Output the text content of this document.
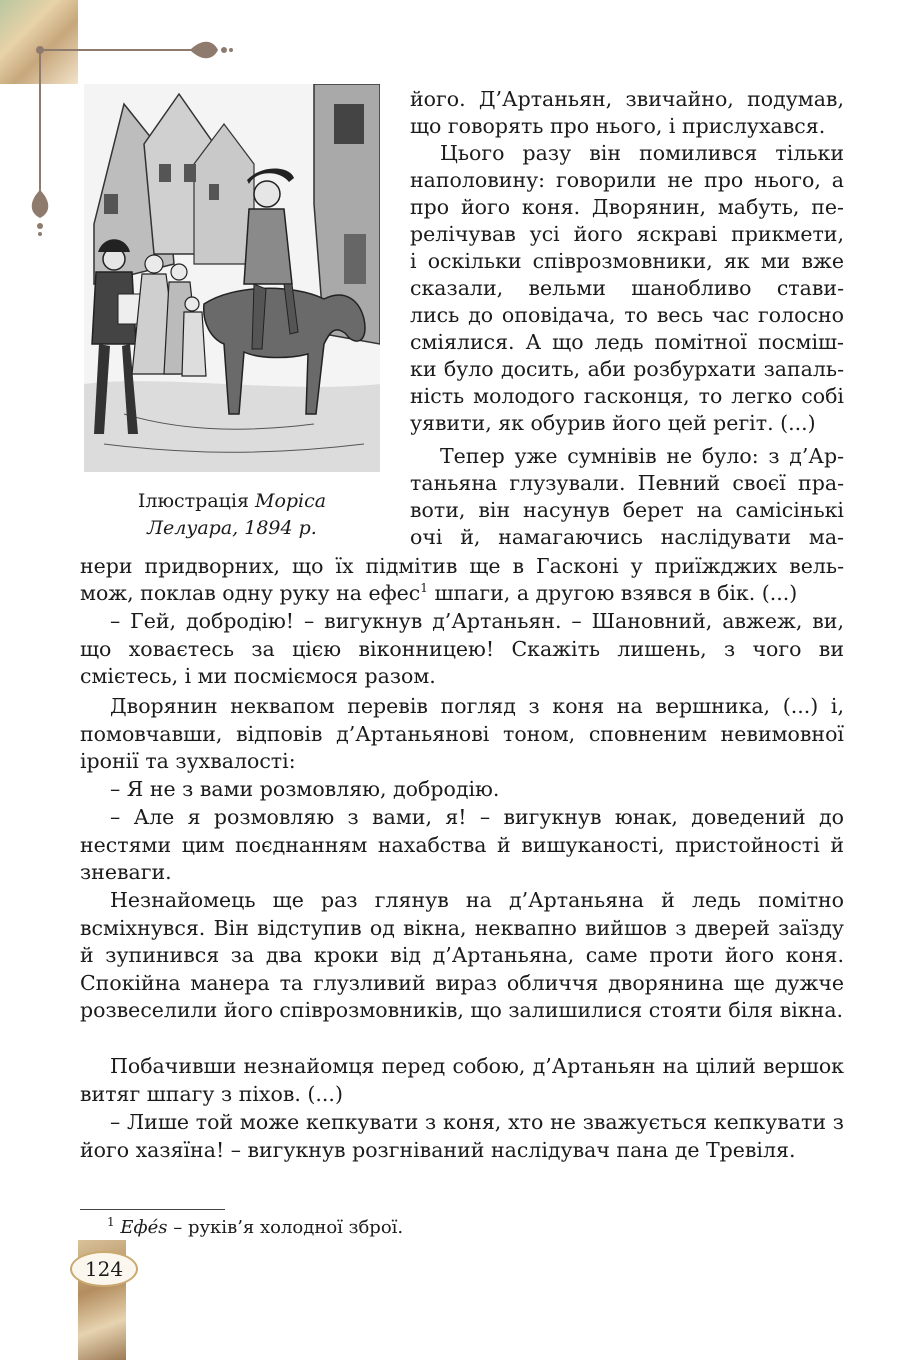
Ілюстрація Моріса
Лелуара, 1894 р.
його. Д’Артаньян, звичайно, подумав,
що говорять про нього, і прислухався.
Цього разу він помилився тільки
наполовину: говорили не про нього, а
про його коня. Дворянин, мабуть, пе-
релічував усі його яскраві прикмети,
і оскільки співрозмовники, як ми вже
сказали, вельми шанобливо стави-
лись до оповідача, то весь час голосно
сміялися. А що ледь помітної посміш-
ки було досить, аби розбурхати запаль-
ність молодого гасконця, то легко собі
уявити, як обурив його цей регіт. (...)
Тепер уже сумнівів не було: з д’Ар-
таньяна глузували. Певний своєї пра-
воти, він насунув берет на самісінькі
очі й, намагаючись наслідувати ма-
нери придворних, що їх підмітив ще в Гасконі у приїжджих вель-
мож, поклав одну руку на ефес$^1$ шпаги, а другою взявся в бік. (...)

– Гей, добродію! – вигукнув д’Артаньян. – Шановний, авжеж, ви, що ховаєтесь за цією віконницею! Скажіть лишень, з чого ви смієтесь, і ми посміємося разом.

Дворянин неквапом перевів погляд з коня на вершника, (...) і, помовчавши, відповів д’Артаньянові тоном, сповненим невимовної іронії та зухвалості:

– Я не з вами розмовляю, добродію.

– Але я розмовляю з вами, я! – вигукнув юнак, доведений до нестями цим поєднанням нахабства й вишуканості, пристойності й зневаги.

Незнайомець ще раз глянув на д’Артаньяна й ледь помітно всміхнувся. Він відступив од вікна, неквапно вийшов з дверей заїзду й зупинився за два кроки від д’Артаньяна, саме проти його коня. Спокійна манера та глузливий вираз обличчя дворянина ще дужче розвеселили його співрозмовників, що залишилися стояти біля вікна.

Побачивши незнайомця перед собою, д’Артаньян на цілий вершок витяг шпагу з піхов. (...)

– Лише той може кепкувати з коня, хто не зважується кепкувати з його хазяїна! – вигукнув розгніваний наслідувач пана де Тревіля.

$^1$ Ефés – руків’я холодної зброї.
124
